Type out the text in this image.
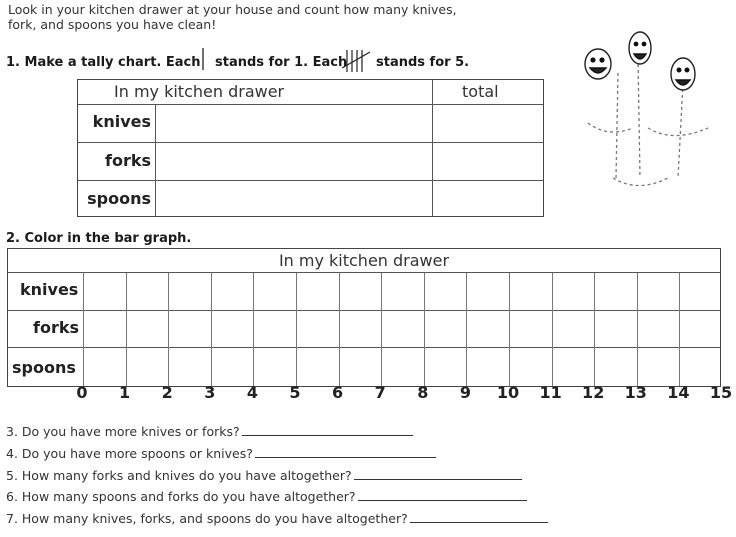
Look in your kitchen drawer at your house and count how many knives,
fork, and spoons you have clean!
1. Make a tally chart. Each stands for 1. Each stands for 5.
In my kitchen drawer	total
knives
forks
spoons
2. Color in the bar graph.
In my kitchen drawer
knives
forks
spoons
0 1 2 3 4 5 6 7 8 9 10 11 12 13 14 15
3. Do you have more knives or forks?
4. Do you have more spoons or knives?
5. How many forks and knives do you have altogether?
6. How many spoons and forks do you have altogether?
7. How many knives, forks, and spoons do you have altogether?
